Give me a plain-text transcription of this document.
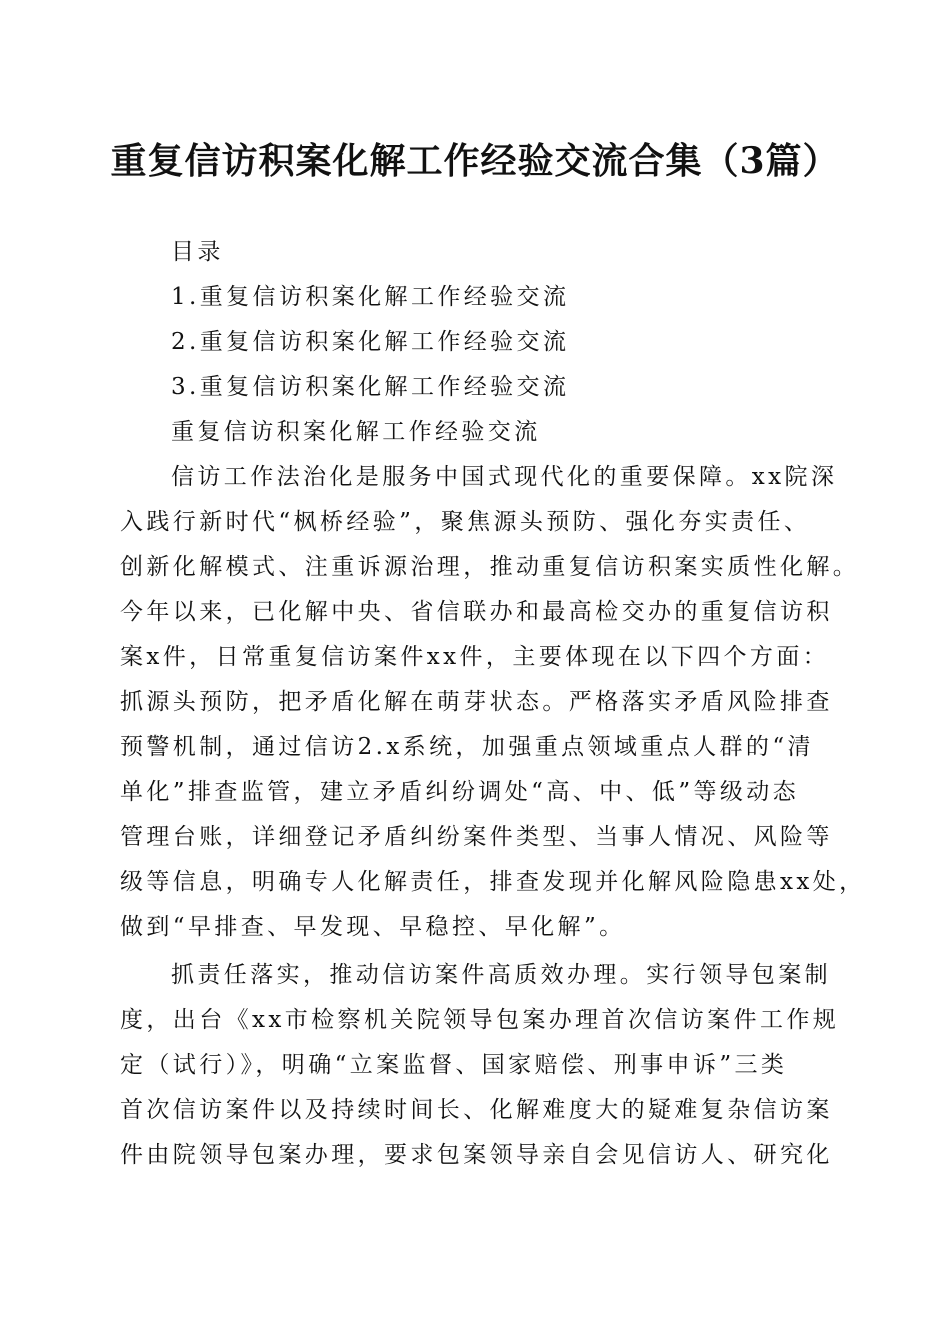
重复信访积案化解工作经验交流合集（3篇）
目录
1.重复信访积案化解工作经验交流
2.重复信访积案化解工作经验交流
3.重复信访积案化解工作经验交流
重复信访积案化解工作经验交流
信访工作法治化是服务中国式现代化的重要保障。xx院深
入践行新时代“枫桥经验”，聚焦源头预防、强化夯实责任、
创新化解模式、注重诉源治理，推动重复信访积案实质性化解。
今年以来，已化解中央、省信联办和最高检交办的重复信访积
案x件，日常重复信访案件xx件，主要体现在以下四个方面：
抓源头预防，把矛盾化解在萌芽状态。严格落实矛盾风险排查
预警机制，通过信访2.x系统，加强重点领域重点人群的“清
单化”排查监管，建立矛盾纠纷调处“高、中、低”等级动态
管理台账，详细登记矛盾纠纷案件类型、当事人情况、风险等
级等信息，明确专人化解责任，排查发现并化解风险隐患xx处，
做到“早排查、早发现、早稳控、早化解”。
抓责任落实，推动信访案件高质效办理。实行领导包案制
度，出台《xx市检察机关院领导包案办理首次信访案件工作规
定（试行）》，明确“立案监督、国家赔偿、刑事申诉”三类
首次信访案件以及持续时间长、化解难度大的疑难复杂信访案
件由院领导包案办理，要求包案领导亲自会见信访人、研究化
